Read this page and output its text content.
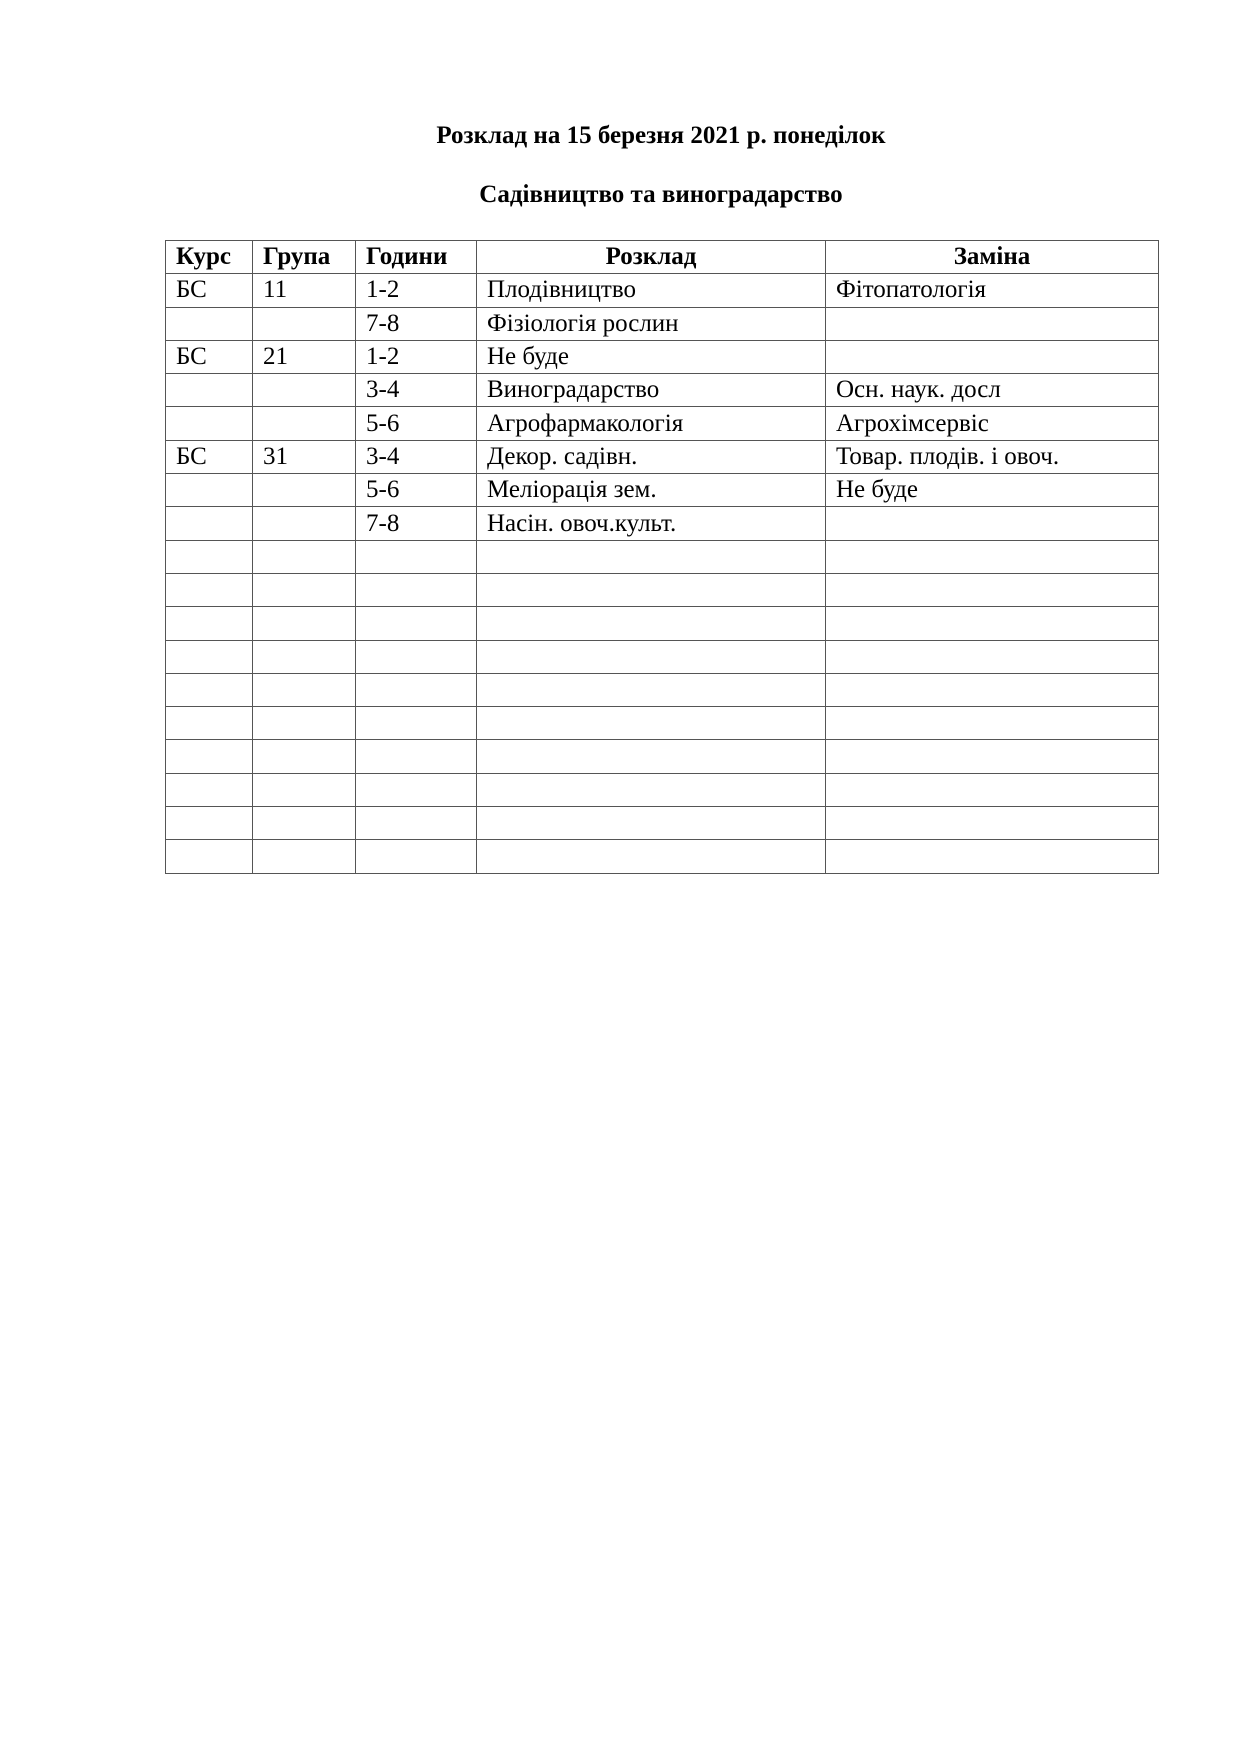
Розклад на 15 березня 2021 р. понеділок
Садівництво та виноградарство
Курс	Група	Години	Розклад	Заміна
БС	11	1-2	Плодівництво	Фітопатологія
		7-8	Фізіологія рослин	
БС	21	1-2	Не буде	
		3-4	Виноградарство	Осн. наук. досл
		5-6	Агрофармакологія	Агрохімсервіс
БС	31	3-4	Декор. садівн.	Товар. плодів. і овоч.
		5-6	Меліорація зем.	Не буде
		7-8	Насін. овоч.культ.	
